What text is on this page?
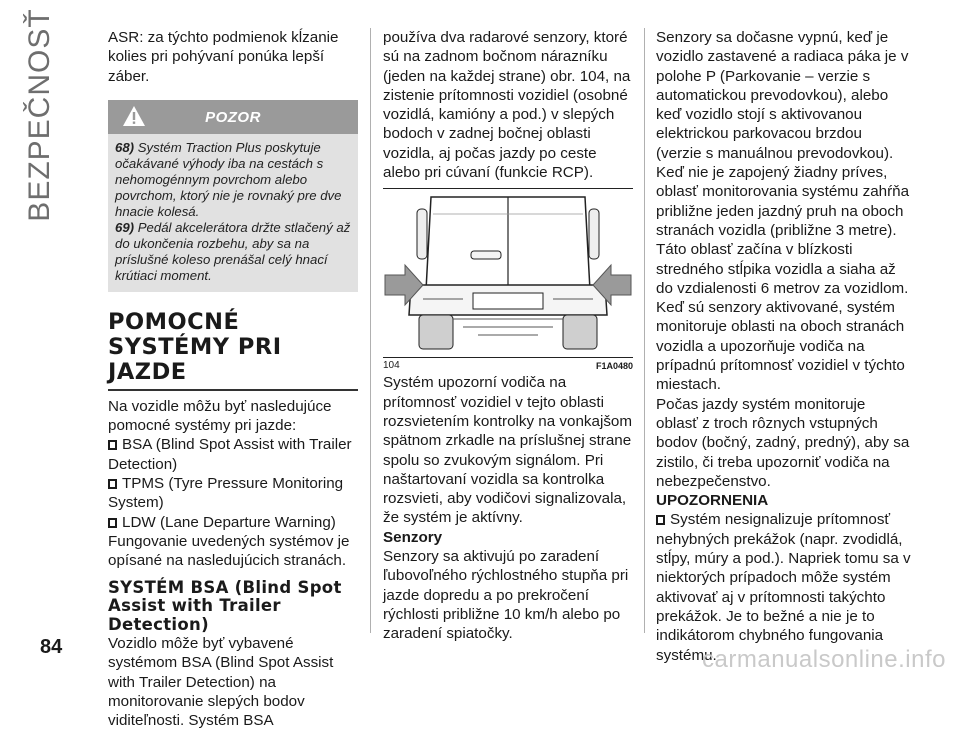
BEZPEČNOSŤ	ASR: za týchto podmienok kĺzanie kolies pri pohývaní ponúka lepší záber.

POZOR

68) Systém Traction Plus poskytuje očakávané výhody iba na cestách s nehomogénnym povrchom alebo povrchom, ktorý nie je rovnaký pre dve hnacie kolesá.

69) Pedál akcelerátora držte stlačený až do ukončenia rozbehu, aby sa na príslušné koleso prenášal celý hnací krútiaci moment.

POMOCNÉ SYSTÉMY PRI JAZDE

Na vozidle môžu byť nasledujúce pomocné systémy pri jazde:

BSA (Blind Spot Assist with Trailer Detection)
TPMS (Tyre Pressure Monitoring System)
LDW (Lane Departure Warning)

Fungovanie uvedených systémov je opísané na nasledujúcich stranách.

SYSTÉM BSA (Blind Spot Assist with Trailer Detection)

Vozidlo môže byť vybavené systémom BSA (Blind Spot Assist with Trailer Detection) na monitorovanie slepých bodov viditeľnosti. Systém BSA

používa dva radarové senzory, ktoré sú na zadnom bočnom nárazníku (jeden na každej strane) obr. 104, na zistenie prítomnosti vozidiel (osobné vozidlá, kamióny a pod.) v slepých bodoch v zadnej bočnej oblasti vozidla, aj počas jazdy po ceste alebo pri cúvaní (funkcie RCP).

104	F1A0480

Systém upozorní vodiča na prítomnosť vozidiel v tejto oblasti rozsvietením kontrolky na vonkajšom spätnom zrkadle na príslušnej strane spolu so zvukovým signálom. Pri naštartovaní vozidla sa kontrolka rozsvieti, aby vodičovi signalizovala, že systém je aktívny.

Senzory

Senzory sa aktivujú po zaradení ľubovoľného rýchlostného stupňa pri jazde dopredu a po prekročení rýchlosti približne 10 km/h alebo po zaradení spiatočky.

Senzory sa dočasne vypnú, keď je vozidlo zastavené a radiaca páka je v polohe P (Parkovanie – verzie s automatickou prevodovkou), alebo keď vozidlo stojí s aktivovanou elektrickou parkovacou brzdou (verzie s manuálnou prevodovkou).

Keď nie je zapojený žiadny príves, oblasť monitorovania systému zahŕňa približne jeden jazdný pruh na oboch stranách vozidla (približne 3 metre).

Táto oblasť začína v blízkosti stredného stĺpika vozidla a siaha až do vzdialenosti 6 metrov za vozidlom.

Keď sú senzory aktivované, systém monitoruje oblasti na oboch stranách vozidla a upozorňuje vodiča na prípadnú prítomnosť vozidiel v týchto miestach.

Počas jazdy systém monitoruje oblasť z troch rôznych vstupných bodov (bočný, zadný, predný), aby sa zistilo, či treba upozorniť vodiča na nebezpečenstvo.

UPOZORNENIA
Systém nesignalizuje prítomnosť nehybných prekážok (napr. zvodidlá, stĺpy, múry a pod.). Napriek tomu sa v niektorých prípadoch môže systém aktivovať aj v prítomnosti takýchto prekážok. Je to bežné a nie je to indikátorom chybného fungovania systému.
84	carmanualsonline.info
